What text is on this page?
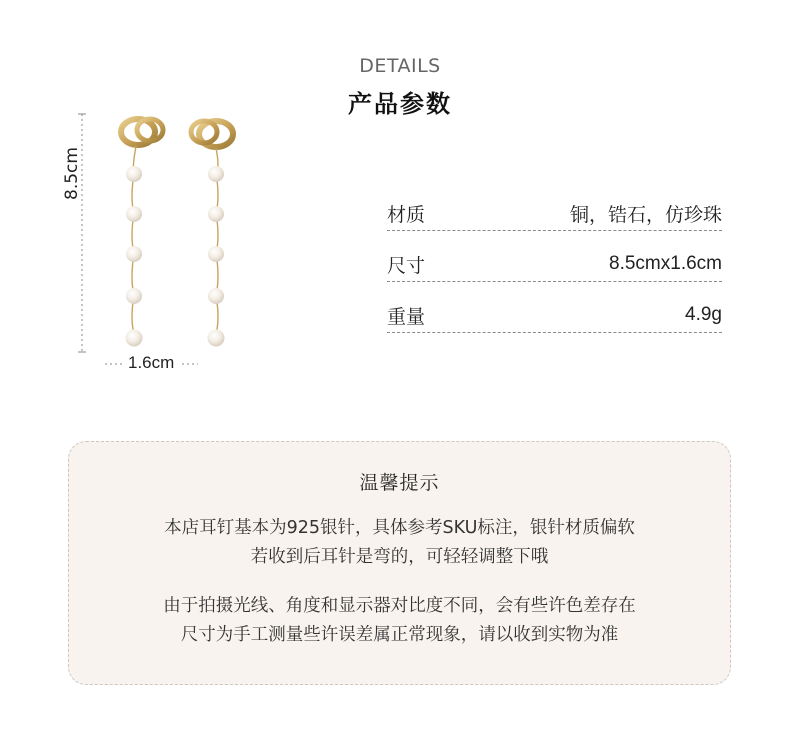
DETAILS
产品参数
8.5cm
1.6cm
材质	铜，锆石，仿珍珠
尺寸	8.5cmx1.6cm
重量	4.9g
温馨提示
本店耳钉基本为925银针，具体参考SKU标注，银针材质偏软
若收到后耳针是弯的，可轻轻调整下哦
由于拍摄光线、角度和显示器对比度不同，会有些许色差存在
尺寸为手工测量些许误差属正常现象，请以收到实物为准
